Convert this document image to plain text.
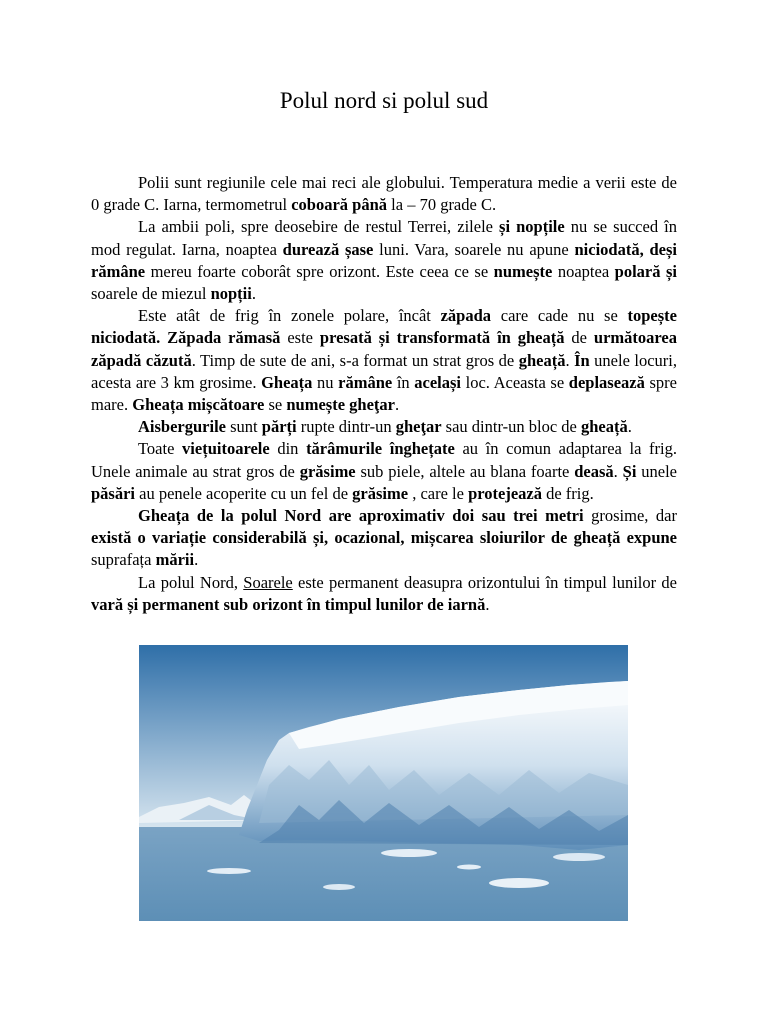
Polul nord si polul sud

Polii sunt regiunile cele mai reci ale globului. Temperatura medie a verii este de 0 grade C. Iarna, termometrul coboară până la – 70 grade C.

La ambii poli, spre deosebire de restul Terrei, zilele și nopțile nu se succed în mod regulat. Iarna, noaptea durează șase luni. Vara, soarele nu apune niciodată, deși rămâne mereu foarte coborât spre orizont. Este ceea ce se numește noaptea polară și soarele de miezul nopții.

Este atât de frig în zonele polare, încât zăpada care cade nu se topește niciodată. Zăpada rămasă este presată și transformată în gheață de următoarea zăpadă căzută. Timp de sute de ani, s-a format un strat gros de gheață. În unele locuri, acesta are 3 km grosime. Gheața nu rămâne în același loc. Aceasta se deplasează spre mare. Gheața mișcătoare se numește gheţar.

Aisbergurile sunt părți rupte dintr-un gheţar sau dintr-un bloc de gheață.

Toate viețuitoarele din tărâmurile înghețate au în comun adaptarea la frig. Unele animale au strat gros de grăsime sub piele, altele au blana foarte deasă. Și unele păsări au penele acoperite cu un fel de grăsime , care le protejează de frig.

Gheața de la polul Nord are aproximativ doi sau trei metri grosime, dar există o variație considerabilă și, ocazional, mișcarea sloiurilor de gheață expune suprafața mării.

La polul Nord, Soarele este permanent deasupra orizontului în timpul lunilor de vară și permanent sub orizont în timpul lunilor de iarnă.
